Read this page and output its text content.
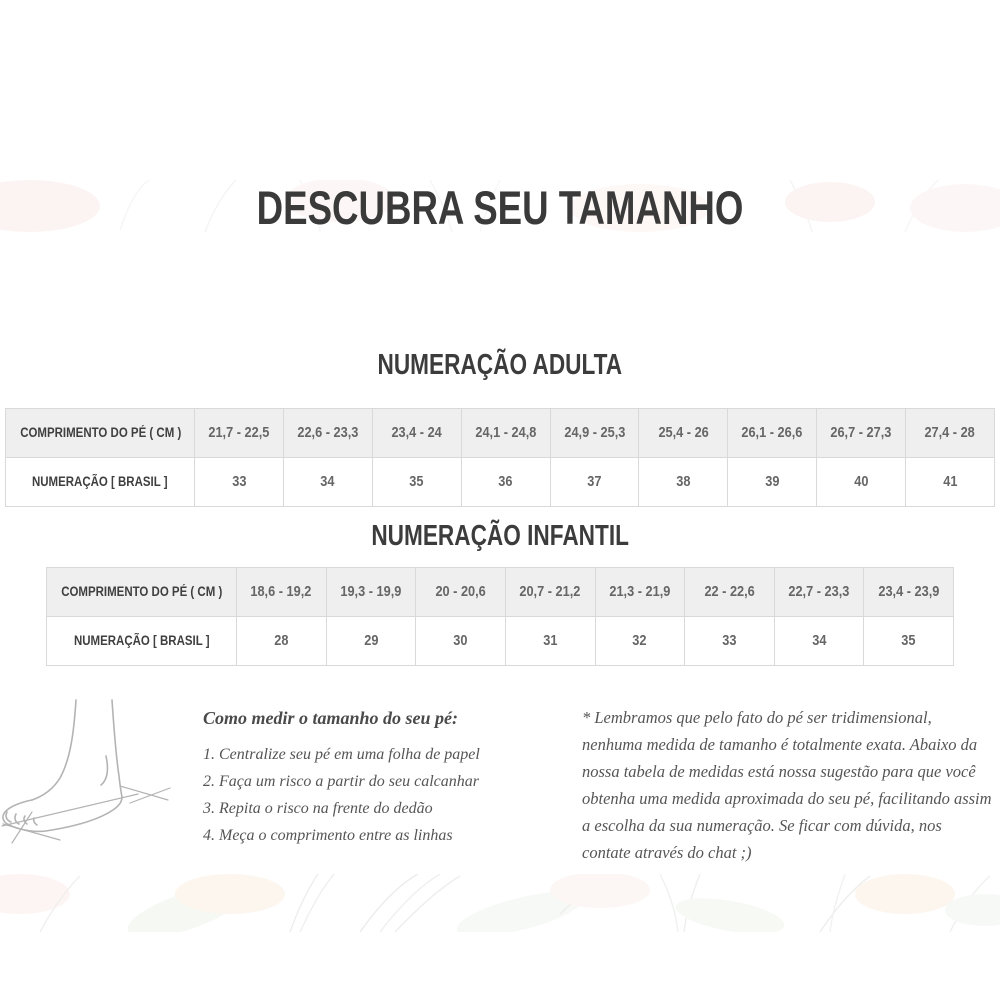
DESCUBRA SEU TAMANHO
NUMERAÇÃO ADULTA
COMPRIMENTO DO PÉ ( CM )	21,7 - 22,5	22,6 - 23,3	23,4 - 24	24,1 - 24,8	24,9 - 25,3	25,4 - 26	26,1 - 26,6	26,7 - 27,3	27,4 - 28
NUMERAÇÃO [ BRASIL ]	33	34	35	36	37	38	39	40	41
NUMERAÇÃO INFANTIL
COMPRIMENTO DO PÉ ( CM )	18,6 - 19,2	19,3 - 19,9	20 - 20,6	20,7 - 21,2	21,3 - 21,9	22 - 22,6	22,7 - 23,3	23,4 - 23,9
NUMERAÇÃO [ BRASIL ]	28	29	30	31	32	33	34	35
Como medir o tamanho do seu pé:
1. Centralize seu pé em uma folha de papel
2. Faça um risco a partir do seu calcanhar
3. Repita o risco na frente do dedão
4. Meça o comprimento entre as linhas
* Lembramos que pelo fato do pé ser tridimensional, nenhuma medida de tamanho é totalmente exata. Abaixo da nossa tabela de medidas está nossa sugestão para que você obtenha uma medida aproximada do seu pé, facilitando assim a escolha da sua numeração. Se ficar com dúvida, nos contate através do chat ;)
